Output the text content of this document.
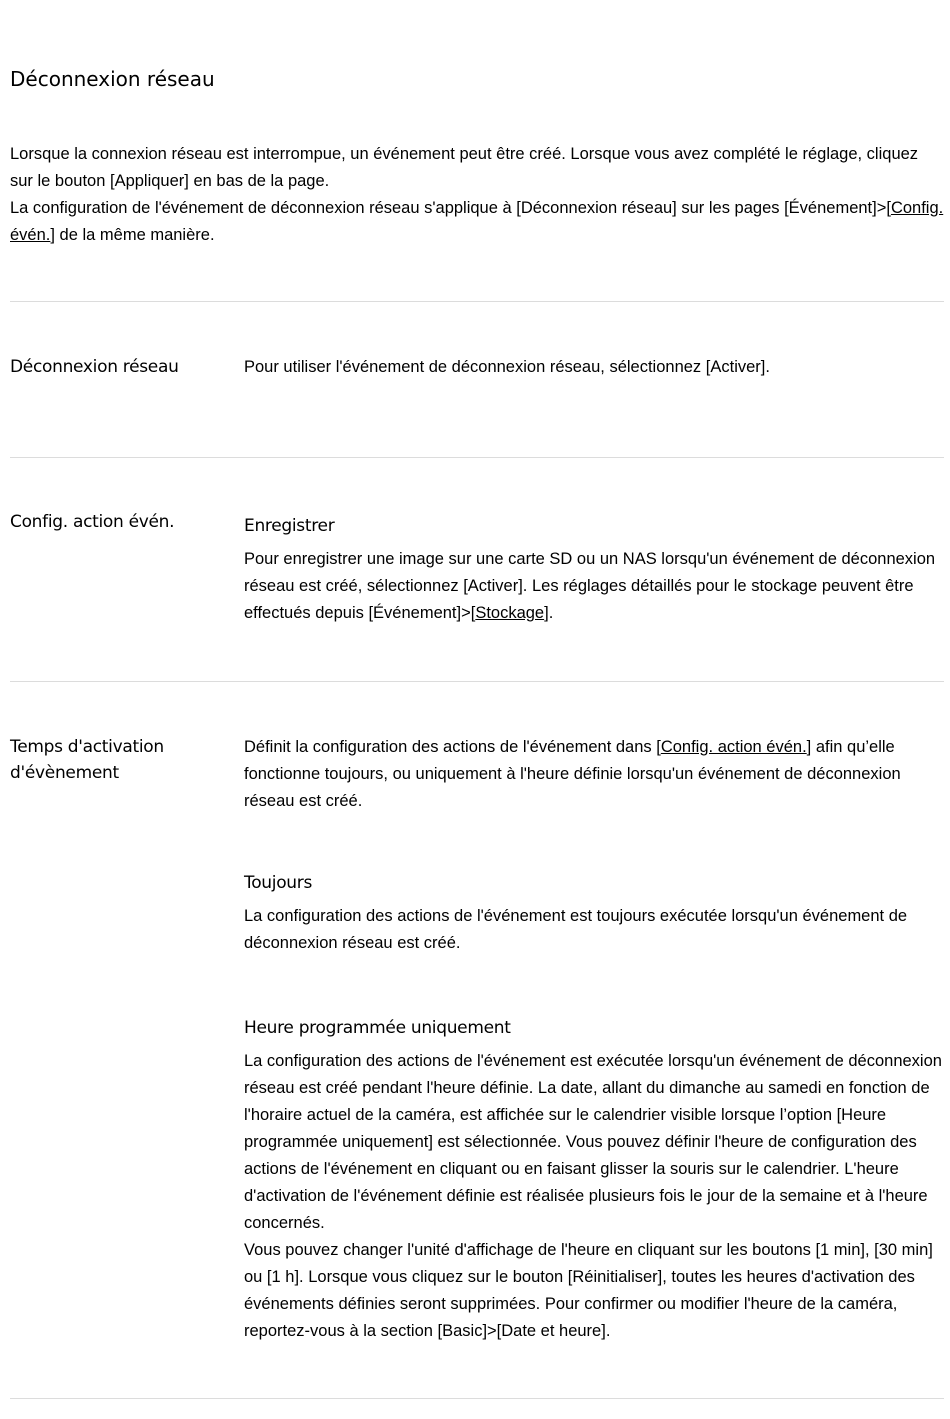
Déconnexion réseau

Lorsque la connexion réseau est interrompue, un événement peut être créé. Lorsque vous avez complété le réglage, cliquez sur le bouton [Appliquer] en bas de la page.

La configuration de l'événement de déconnexion réseau s'applique à [Déconnexion réseau] sur les pages [Événement]>[Config. évén.] de la même manière.

Déconnexion réseau	Pour utiliser l'événement de déconnexion réseau, sélectionnez [Activer].

Config. action évén.	Enregistrer

Pour enregistrer une image sur une carte SD ou un NAS lorsqu'un événement de déconnexion réseau est créé, sélectionnez [Activer]. Les réglages détaillés pour le stockage peuvent être effectués depuis [Événement]>[Stockage].

Temps d'activation d'évènement

Définit la configuration des actions de l'événement dans [Config. action évén.] afin qu’elle fonctionne toujours, ou uniquement à l'heure définie lorsqu'un événement de déconnexion réseau est créé.

Toujours

La configuration des actions de l'événement est toujours exécutée lorsqu'un événement de déconnexion réseau est créé.

Heure programmée uniquement

La configuration des actions de l'événement est exécutée lorsqu'un événement de déconnexion réseau est créé pendant l'heure définie. La date, allant du dimanche au samedi en fonction de l'horaire actuel de la caméra, est affichée sur le calendrier visible lorsque l’option [Heure programmée uniquement] est sélectionnée. Vous pouvez définir l'heure de configuration des actions de l'événement en cliquant ou en faisant glisser la souris sur le calendrier. L'heure d'activation de l'événement définie est réalisée plusieurs fois le jour de la semaine et à l'heure concernés.

Vous pouvez changer l'unité d'affichage de l'heure en cliquant sur les boutons [1 min], [30 min] ou [1 h]. Lorsque vous cliquez sur le bouton [Réinitialiser], toutes les heures d'activation des événements définies seront supprimées. Pour confirmer ou modifier l'heure de la caméra, reportez-vous à la section [Basic]>[Date et heure].
